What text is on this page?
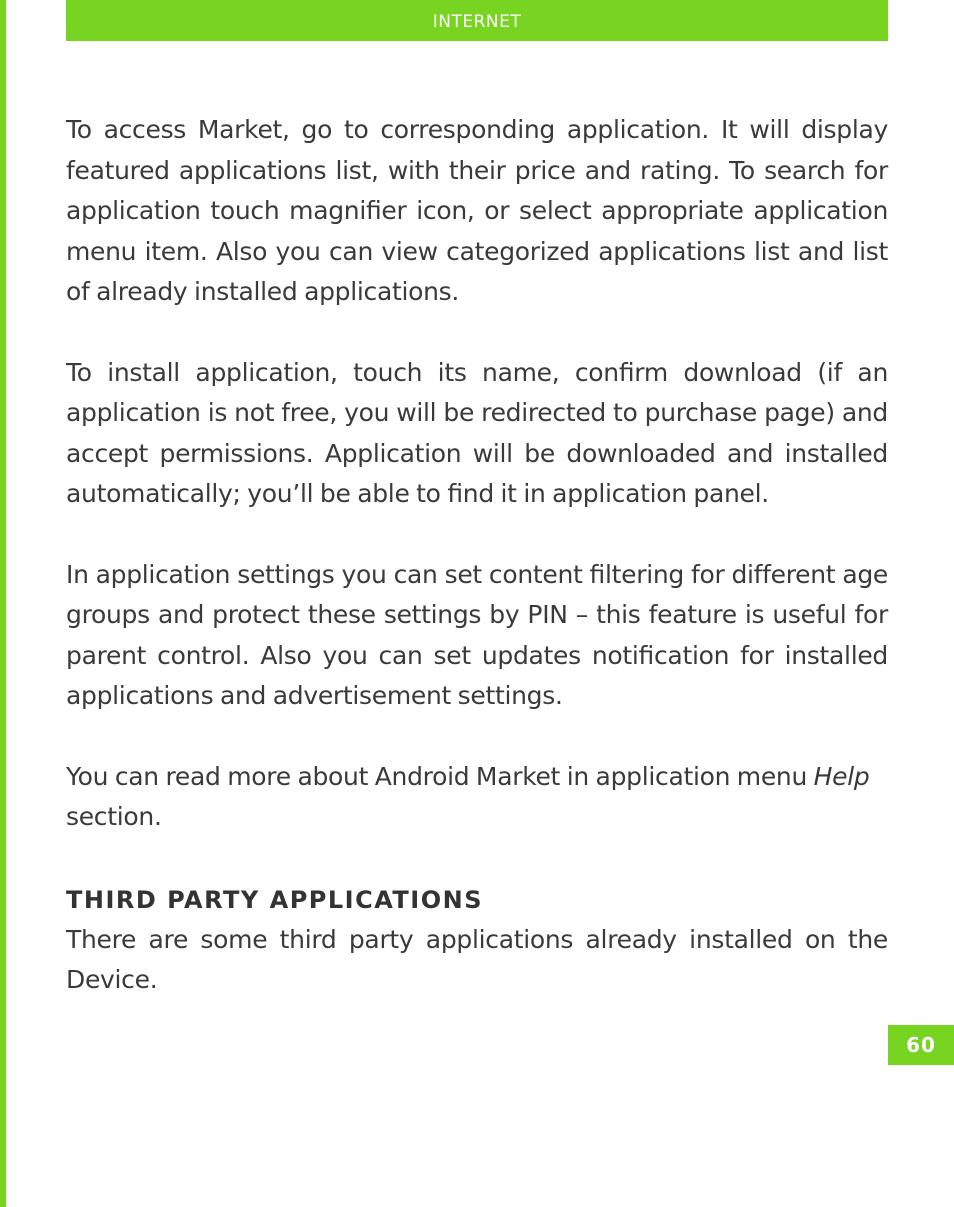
INTERNET

To access Market, go to corresponding application. It will display featured applications list, with their price and rating. To search for application touch magniﬁer icon, or select appropriate application menu item. Also you can view categorized applications list and list of already installed applications.

To install application, touch its name, conﬁrm download (if an application is not free, you will be redirected to purchase page) and accept permissions. Application will be downloaded and installed automatically; you’ll be able to ﬁnd it in application panel.

In application settings you can set content ﬁltering for different age groups and protect these settings by PIN – this feature is useful for parent control. Also you can set updates notiﬁcation for installed applications and advertisement settings.

You can read more about Android Market in application menu Help section.

THIRD PARTY APPLICATIONS

There are some third party applications already installed on the Device.

60
